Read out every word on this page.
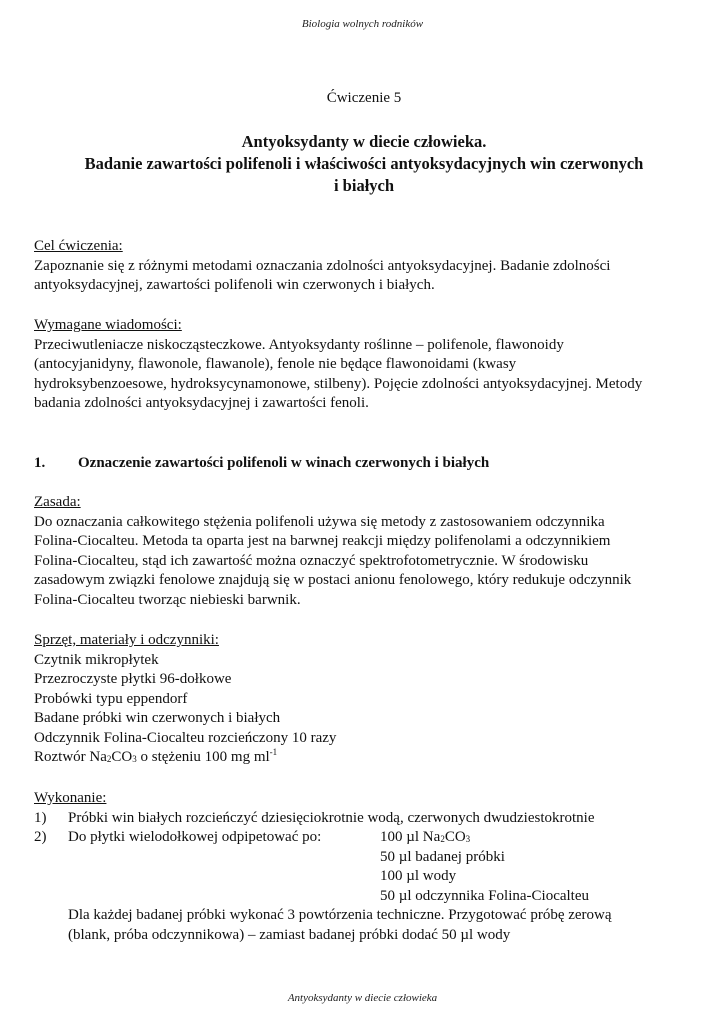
Biologia wolnych rodników
Ćwiczenie 5
Antyoksydanty w diecie człowieka.
Badanie zawartości polifenoli i właściwości antyoksydacyjnych win czerwonych
i białych
Cel ćwiczenia:
Zapoznanie się z różnymi metodami oznaczania zdolności antyoksydacyjnej. Badanie zdolności
antyoksydacyjnej, zawartości polifenoli win czerwonych i białych.
Wymagane wiadomości:
Przeciwutleniacze niskocząsteczkowe. Antyoksydanty roślinne – polifenole, flawonoidy
(antocyjanidyny, flawonole, flawanole), fenole nie będące flawonoidami (kwasy
hydroksybenzoesowe, hydroksycynamonowe, stilbeny). Pojęcie zdolności antyoksydacyjnej. Metody
badania zdolności antyoksydacyjnej i zawartości fenoli.
1. Oznaczenie zawartości polifenoli w winach czerwonych i białych
Zasada:
Do oznaczania całkowitego stężenia polifenoli używa się metody z zastosowaniem odczynnika
Folina-Ciocalteu. Metoda ta oparta jest na barwnej reakcji między polifenolami a odczynnikiem
Folina-Ciocalteu, stąd ich zawartość można oznaczyć spektrofotometrycznie. W środowisku
zasadowym związki fenolowe znajdują się w postaci anionu fenolowego, który redukuje odczynnik
Folina-Ciocalteu tworząc niebieski barwnik.
Sprzęt, materiały i odczynniki:
Czytnik mikropłytek
Przezroczyste płytki 96-dołkowe
Probówki typu eppendorf
Badane próbki win czerwonych i białych
Odczynnik Folina-Ciocalteu rozcieńczony 10 razy
Roztwór $Na_2CO_3$ o stężeniu 100 mg $ml^{-1}$
Wykonanie:
1) Próbki win białych rozcieńczyć dziesięciokrotnie wodą, czerwonych dwudziestokrotnie
2) Do płytki wielodołkowej odpipetować po:	100 µl $Na_2CO_3$
50 µl badanej próbki
100 µl wody
50 µl odczynnika Folina-Ciocalteu
Dla każdej badanej próbki wykonać 3 powtórzenia techniczne. Przygotować próbę zerową
(blank, próba odczynnikowa) – zamiast badanej próbki dodać 50 µl wody
Antyoksydanty w diecie człowieka
